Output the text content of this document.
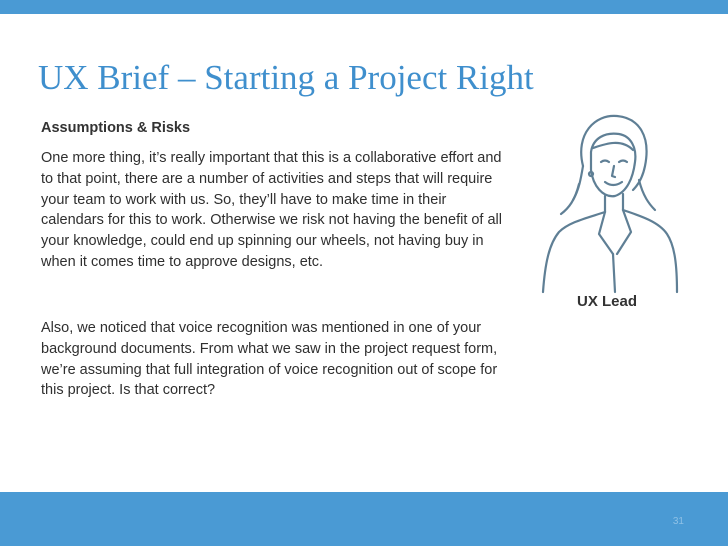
UX Brief – Starting a Project Right
Assumptions & Risks
One more thing, it’s really important that this is a collaborative effort and to that point, there are a number of activities and steps that will require your team to work with us. So, they’ll have to make time in their calendars for this to work. Otherwise we risk not having the benefit of all your knowledge, could end up spinning our wheels, not having buy in when it comes time to approve designs, etc.
Also, we noticed that voice recognition was mentioned in one of your background documents. From what we saw in the project request form, we’re assuming that full integration of voice recognition out of scope for this project. Is that correct?
UX Lead
31
